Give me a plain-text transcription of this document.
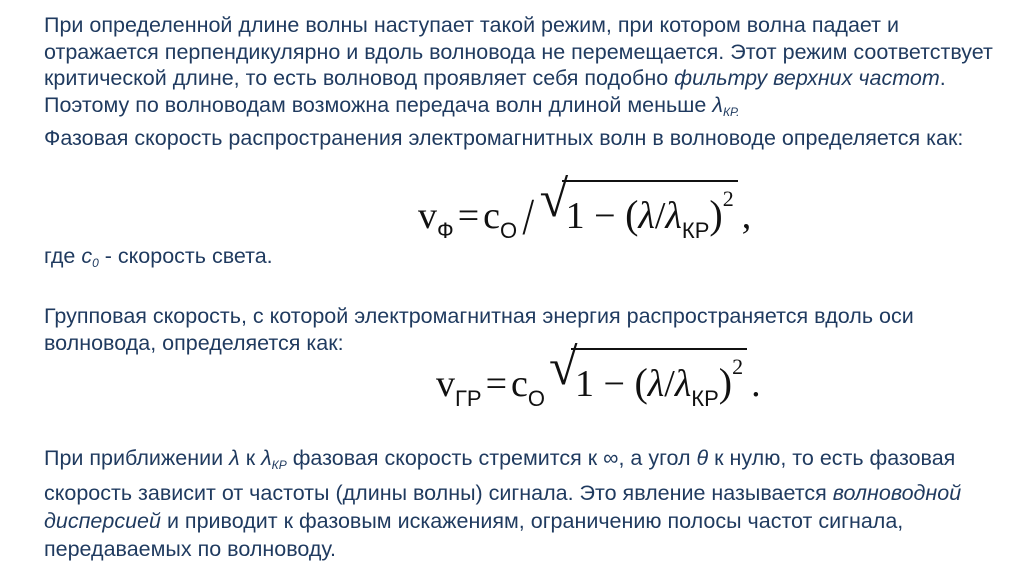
При определенной длине волны наступает такой режим, при котором волна падает и отражается перпендикулярно и вдоль волновода не перемещается. Этот режим соответствует критической длине, то есть волновод проявляет себя подобно фильтру верхних частот. Поэтому по волноводам возможна передача волн длиной меньше $\lambda_{КР.}$
Фазовая скорость распространения электромагнитных волн в волноводе определяется как:

vФ = cО / √
1 − (λ/λКР)2 ,

где $c_0$ - скорость света.

Групповая скорость, с которой электромагнитная энергия распространяется вдоль оси волновода, определяется как:

vГР = cО
√
1 − (λ/λКР)2 .

При приближении λ к $\lambda_{КР}$ фазовая скорость стремится к ∞, а угол θ к нулю, то есть фазовая скорость зависит от частоты (длины волны) сигнала. Это явление называется волноводной дисперсией и приводит к фазовым искажениям, ограничению полосы частот сигнала, передаваемых по волноводу.
